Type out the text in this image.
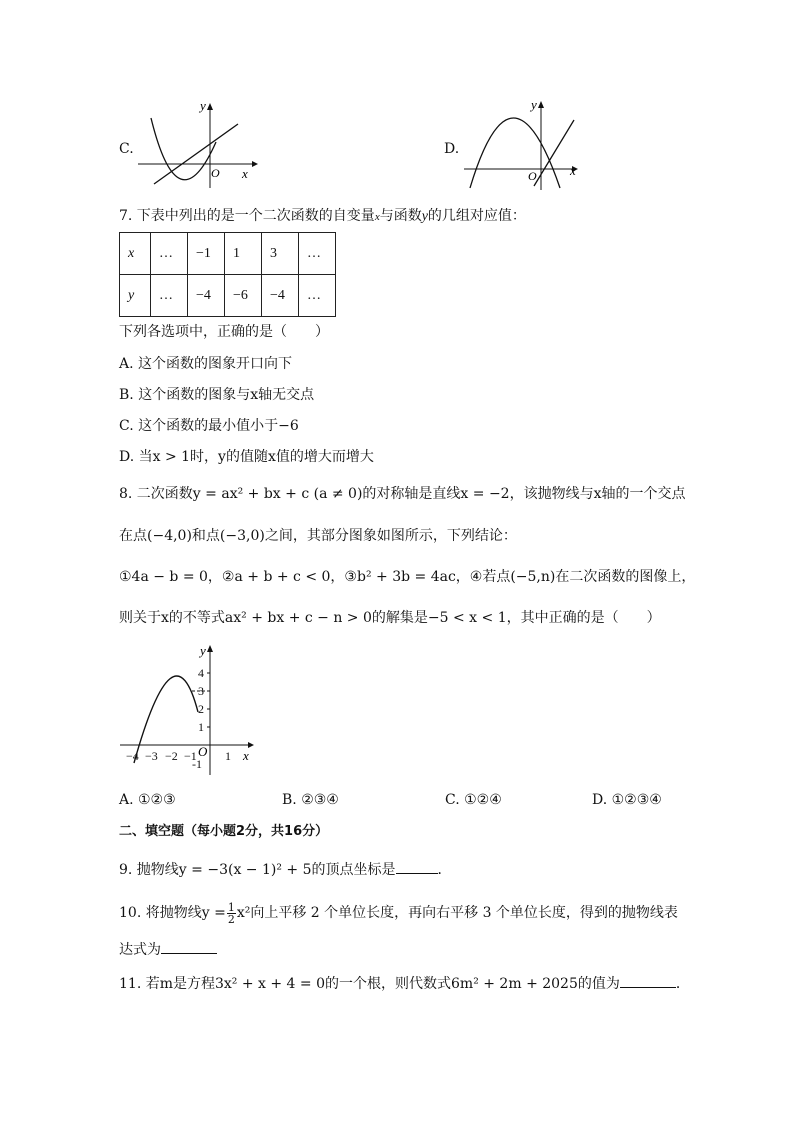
C.
y
x
O
D.
y
x
O
7. 下表中列出的是一个二次函数的自变量x与函数y的几组对应值：
x	…	−1	1	3	…
y	…	−4	−6	−4	…
下列各选项中，正确的是（　　）
A. 这个函数的图象开口向下
B. 这个函数的图象与x轴无交点
C. 这个函数的最小值小于−6
D. 当x > 1时，y的值随x值的增大而增大
8. 二次函数y = ax² + bx + c (a ≠ 0)的对称轴是直线x = −2，该抛物线与x轴的一个交点
在点(−4,0)和点(−3,0)之间，其部分图象如图所示，下列结论：
①4a − b = 0，②a + b + c < 0，③b² + 3b = 4ac，④若点(−5,n)在二次函数的图像上，
则关于x的不等式ax² + bx + c − n > 0的解集是−5 < x < 1，其中正确的是（　　）
y
x
O
4
3
2
1
-1
−4 −3 −2 −1 1
A. ①②③	B. ②③④	C. ①②④	D. ①②③④
二、填空题（每小题2分，共16分）
9. 抛物线y = −3(x − 1)² + 5的顶点坐标是	．
10. 将抛物线$y = \frac{1}{2} x^2$向上平移 2 个单位长度，再向右平移 3 个单位长度，得到的抛物线表
达式为
11. 若m是方程3x² + x + 4 = 0的一个根，则代数式6m² + 2m + 2025的值为	．
